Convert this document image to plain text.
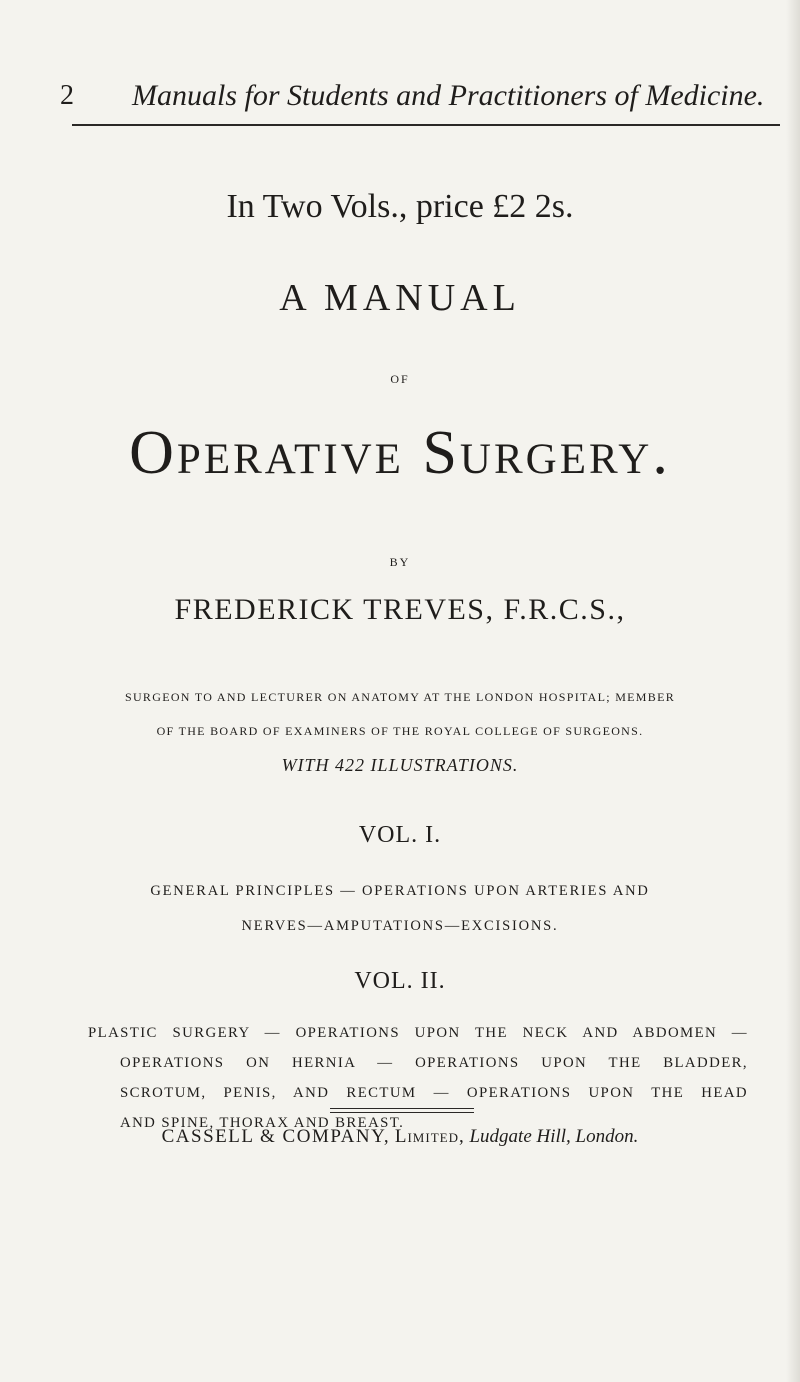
2 Manuals for Students and Practitioners of Medicine.
In Two Vols., price £2 2s.
A MANUAL
OF
Operative Surgery.
BY
FREDERICK TREVES, F.R.C.S.,
SURGEON TO AND LECTURER ON ANATOMY AT THE LONDON HOSPITAL; MEMBER
OF THE BOARD OF EXAMINERS OF THE ROYAL COLLEGE OF SURGEONS.
WITH 422 ILLUSTRATIONS.
VOL. I.
GENERAL PRINCIPLES — OPERATIONS UPON ARTERIES AND
NERVES—AMPUTATIONS—EXCISIONS.
VOL. II.
PLASTIC SURGERY — OPERATIONS UPON THE NECK AND ABDOMEN —
OPERATIONS ON HERNIA — OPERATIONS UPON THE BLADDER,
SCROTUM, PENIS, AND RECTUM — OPERATIONS UPON THE HEAD
AND SPINE, THORAX AND BREAST.
CASSELL & COMPANY, Limited, Ludgate Hill, London.
